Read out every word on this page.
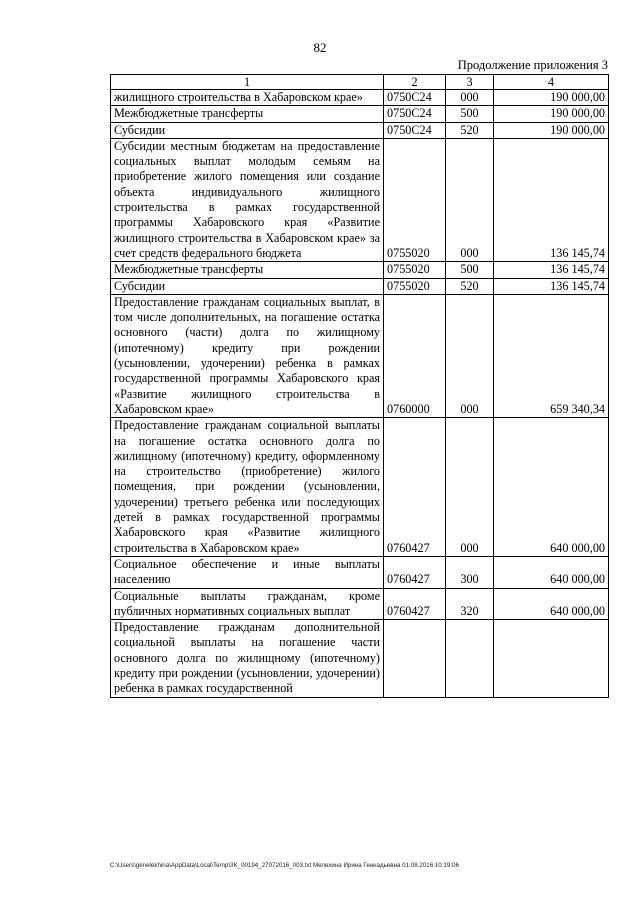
82
Продолжение приложения 3
1	2	3	4
жилищного строительства в Хабаровском крае»	0750С24	000	190 000,00
Межбюджетные трансферты	0750С24	500	190 000,00
Субсидии	0750С24	520	190 000,00
Субсидии местным бюджетам на предоставление социальных выплат молодым семьям на приобретение жилого помещения или создание объекта индивидуального жилищного строительства в рамках государственной программы Хабаровского края «Развитие жилищного строительства в Хабаровском крае» за счет средств федерального бюджета	0755020	000	136 145,74
Межбюджетные трансферты	0755020	500	136 145,74
Субсидии	0755020	520	136 145,74
Предоставление гражданам социальных выплат, в том числе дополнительных, на погашение остатка основного (части) долга по жилищному (ипотечному) кредиту при рождении (усыновлении, удочерении) ребенка в рамках государственной программы Хабаровского края «Развитие жилищного строительства в Хабаровском крае»	0760000	000	659 340,34
Предоставление гражданам социальной выплаты на погашение остатка основного долга по жилищному (ипотечному) кредиту, оформленному на строительство (приобретение) жилого помещения, при рождении (усыновлении, удочерении) третьего ребенка или последующих детей в рамках государственной программы Хабаровского края «Развитие жилищного строительства в Хабаровском крае»	0760427	000	640 000,00
Социальное обеспечение и иные выплаты населению	0760427	300	640 000,00
Социальные выплаты гражданам, кроме публичных нормативных социальных выплат	0760427	320	640 000,00
Предоставление гражданам дополнительной социальной выплаты на погашение части основного долга по жилищному (ипотечному) кредиту при рождении (усыновлении, удочерении) ребенка в рамках государственной			
C:\Users\genelekhina\AppData\Local\Temp\3K_00194_27072016_003.txt Мелехина Ирина Геннадьевна 01.08.2016 10:19:06
